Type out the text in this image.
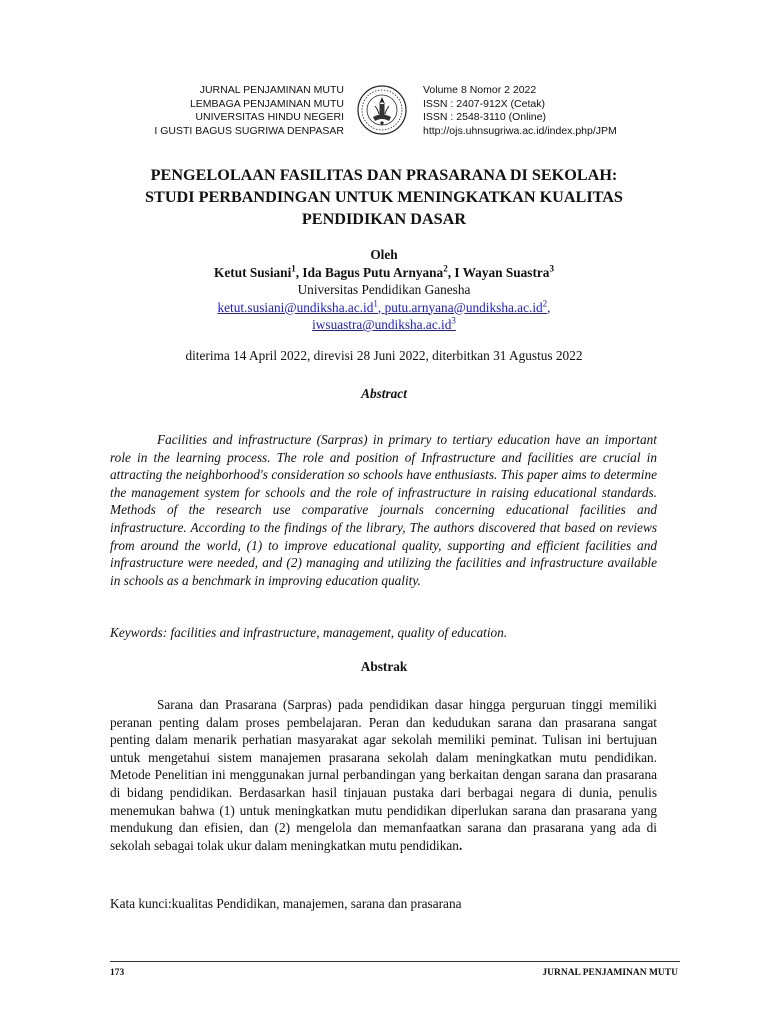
JURNAL PENJAMINAN MUTU
LEMBAGA PENJAMINAN MUTU
UNIVERSITAS HINDU NEGERI
I GUSTI BAGUS SUGRIWA DENPASAR
Volume 8 Nomor 2 2022
ISSN : 2407-912X (Cetak)
ISSN : 2548-3110 (Online)
http://ojs.uhnsugriwa.ac.id/index.php/JPM
PENGELOLAAN FASILITAS DAN PRASARANA DI SEKOLAH:
STUDI PERBANDINGAN UNTUK MENINGKATKAN KUALITAS
PENDIDIKAN DASAR
Oleh
Ketut Susiani$^1$, Ida Bagus Putu Arnyana$^2$, I Wayan Suastra$^3$
Universitas Pendidikan Ganesha
$ketut.susiani@undiksha.ac.id^1$, $putu.arnyana@undiksha.ac.id^2$,
$iwsuastra@undiksha.ac.id^3$
diterima 14 April 2022, direvisi 28 Juni 2022, diterbitkan 31 Agustus 2022
Abstract

Facilities and infrastructure (Sarpras) in primary to tertiary education have an important role in the learning process. The role and position of Infrastructure and facilities are crucial in attracting the neighborhood's consideration so schools have enthusiasts. This paper aims to determine the management system for schools and the role of infrastructure in raising educational standards. Methods of the research use comparative journals concerning educational facilities and infrastructure. According to the findings of the library, The authors discovered that based on reviews from around the world, (1) to improve educational quality, supporting and efficient facilities and infrastructure were needed, and (2) managing and utilizing the facilities and infrastructure available in schools as a benchmark in improving education quality.

Keywords: facilities and infrastructure, management, quality of education.

Abstrak

Sarana dan Prasarana (Sarpras) pada pendidikan dasar hingga perguruan tinggi memiliki peranan penting dalam proses pembelajaran. Peran dan kedudukan sarana dan prasarana sangat penting dalam menarik perhatian masyarakat agar sekolah memiliki peminat. Tulisan ini bertujuan untuk mengetahui sistem manajemen prasarana sekolah dalam meningkatkan mutu pendidikan. Metode Penelitian ini menggunakan jurnal perbandingan yang berkaitan dengan sarana dan prasarana di bidang pendidikan. Berdasarkan hasil tinjauan pustaka dari berbagai negara di dunia, penulis menemukan bahwa (1) untuk meningkatkan mutu pendidikan diperlukan sarana dan prasarana yang mendukung dan efisien, dan (2) mengelola dan memanfaatkan sarana dan prasarana yang ada di sekolah sebagai tolak ukur dalam meningkatkan mutu pendidikan.

Kata kunci:kualitas Pendidikan, manajemen, sarana dan prasarana

173	JURNAL PENJAMINAN MUTU
